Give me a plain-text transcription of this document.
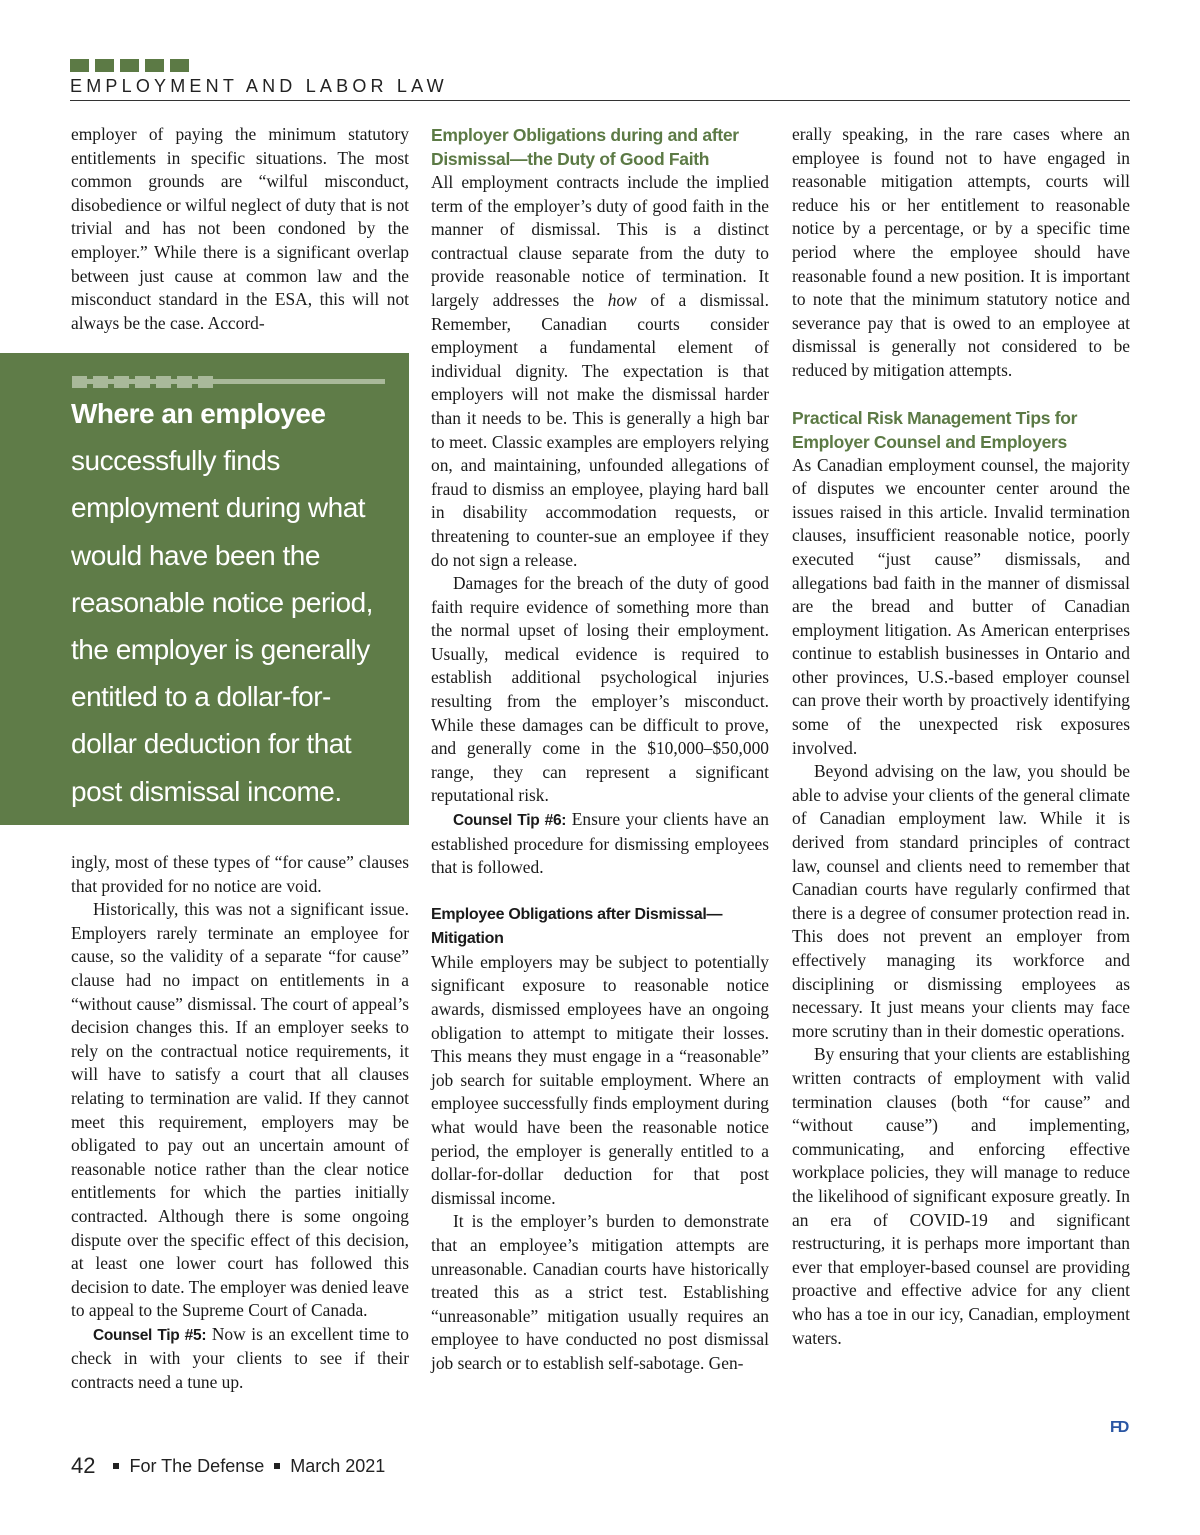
EMPLOYMENT AND LABOR LAW

employer of paying the minimum statutory entitlements in specific situations. The most common grounds are “wilful misconduct, disobedience or wilful neglect of duty that is not trivial and has not been condoned by the employer.” While there is a significant overlap between just cause at common law and the misconduct standard in the ESA, this will not always be the case. Accord-

Where an employee
successfully finds employment during what would have been the reasonable notice period, the employer is generally entitled to a dollar-for-dollar deduction for that post dismissal income.

ingly, most of these types of “for cause” clauses that provided for no notice are void.

Historically, this was not a significant issue. Employers rarely terminate an employee for cause, so the validity of a separate “for cause” clause had no impact on entitlements in a “without cause” dismissal. The court of appeal’s decision changes this. If an employer seeks to rely on the contractual notice requirements, it will have to satisfy a court that all clauses relating to termination are valid. If they cannot meet this requirement, employers may be obligated to pay out an uncertain amount of reasonable notice rather than the clear notice entitlements for which the parties initially contracted. Although there is some ongoing dispute over the specific effect of this decision, at least one lower court has followed this decision to date. The employer was denied leave to appeal to the Supreme Court of Canada.

Counsel Tip #5: Now is an excellent time to check in with your clients to see if their contracts need a tune up.

Employer Obligations during and after Dismissal—the Duty of Good Faith

All employment contracts include the implied term of the employer’s duty of good faith in the manner of dismissal. This is a distinct contractual clause separate from the duty to provide reasonable notice of termination. It largely addresses the how of a dismissal. Remember, Canadian courts consider employment a fundamental element of individual dignity. The expectation is that employers will not make the dismissal harder than it needs to be. This is generally a high bar to meet. Classic examples are employers relying on, and maintaining, unfounded allegations of fraud to dismiss an employee, playing hard ball in disability accommodation requests, or threatening to counter-sue an employee if they do not sign a release.

Damages for the breach of the duty of good faith require evidence of something more than the normal upset of losing their employment. Usually, medical evidence is required to establish additional psychological injuries resulting from the employer’s misconduct. While these damages can be difficult to prove, and generally come in the $10,000–$50,000 range, they can represent a significant reputational risk.

Counsel Tip #6: Ensure your clients have an established procedure for dismissing employees that is followed.

Employee Obligations after Dismissal—Mitigation

While employers may be subject to potentially significant exposure to reasonable notice awards, dismissed employees have an ongoing obligation to attempt to mitigate their losses. This means they must engage in a “reasonable” job search for suitable employment. Where an employee successfully finds employment during what would have been the reasonable notice period, the employer is generally entitled to a dollar-for-dollar deduction for that post dismissal income.

It is the employer’s burden to demonstrate that an employee’s mitigation attempts are unreasonable. Canadian courts have historically treated this as a strict test. Establishing “unreasonable” mitigation usually requires an employee to have conducted no post dismissal job search or to establish self-sabotage. Gen-

erally speaking, in the rare cases where an employee is found not to have engaged in reasonable mitigation attempts, courts will reduce his or her entitlement to reasonable notice by a percentage, or by a specific time period where the employee should have reasonable found a new position. It is important to note that the minimum statutory notice and severance pay that is owed to an employee at dismissal is generally not considered to be reduced by mitigation attempts.

Practical Risk Management Tips for Employer Counsel and Employers

As Canadian employment counsel, the majority of disputes we encounter center around the issues raised in this article. Invalid termination clauses, insufficient reasonable notice, poorly executed “just cause” dismissals, and allegations bad faith in the manner of dismissal are the bread and butter of Canadian employment litigation. As American enterprises continue to establish businesses in Ontario and other provinces, U.S.-based employer counsel can prove their worth by proactively identifying some of the unexpected risk exposures involved.

Beyond advising on the law, you should be able to advise your clients of the general climate of Canadian employment law. While it is derived from standard principles of contract law, counsel and clients need to remember that Canadian courts have regularly confirmed that there is a degree of consumer protection read in. This does not prevent an employer from effectively managing its workforce and disciplining or dismissing employees as necessary. It just means your clients may face more scrutiny than in their domestic operations.

By ensuring that your clients are establishing written contracts of employment with valid termination clauses (both “for cause” and “without cause”) and implementing, communicating, and enforcing effective workplace policies, they will manage to reduce the likelihood of significant exposure greatly. In an era of COVID-19 and significant restructuring, it is perhaps more important than ever that employer-based counsel are providing proactive and effective advice for any client who has a toe in our icy, Canadian, employment waters.

FD
42 For The Defense March 2021
